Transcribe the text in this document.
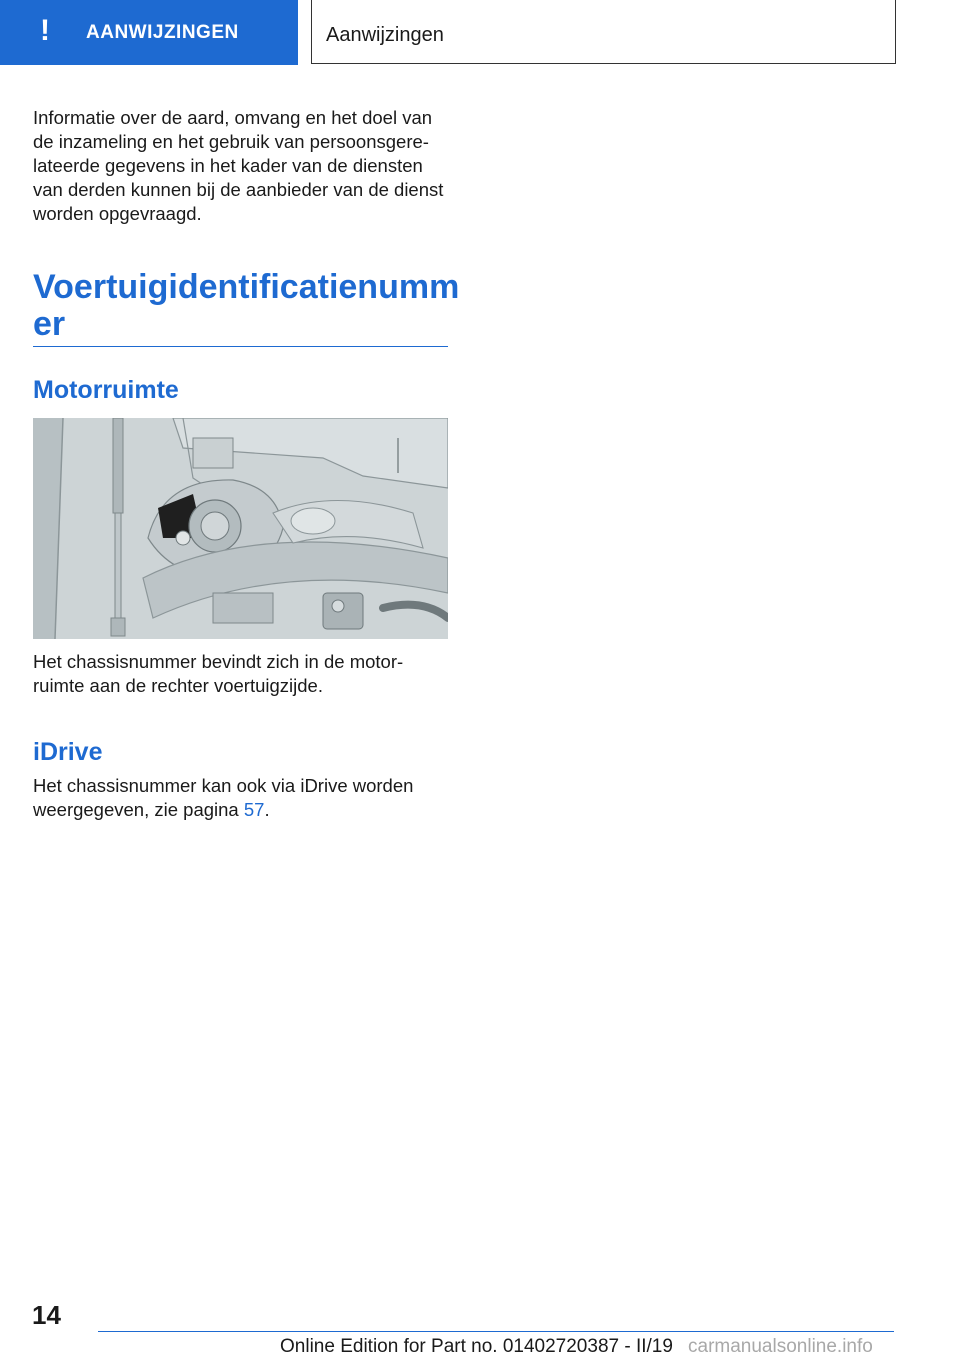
! AANWIJZINGEN	Aanwijzingen
Informatie over de aard, omvang en het doel van de inzameling en het gebruik van persoonsgere-lateerde gegevens in het kader van de diensten van derden kunnen bij de aanbieder van de dienst worden opgevraagd.
Voertuigidentificatienumm
er
Motorruimte
Het chassisnummer bevindt zich in de motor-ruimte aan de rechter voertuigzijde.
iDrive
Het chassisnummer kan ook via iDrive worden weergegeven, zie pagina 57.
14
Online Edition for Part no. 01402720387 - II/19 carmanualsonline.info
